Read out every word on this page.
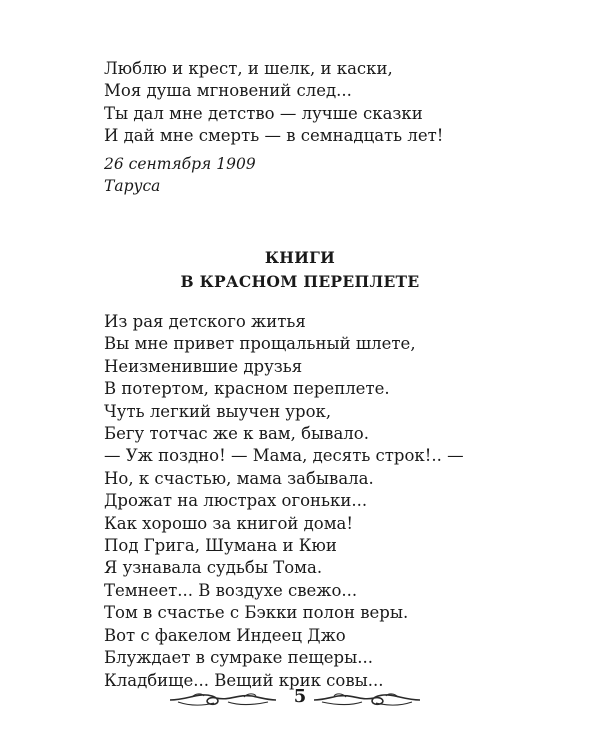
Люблю и крест, и шелк, и каски,
Моя душа мгновений след...
Ты дал мне детство — лучше сказки
И дай мне смерть — в семнадцать лет!
26 сентября 1909
Таруса
КНИГИ
В КРАСНОМ ПЕРЕПЛЕТЕ
Из рая детского житья
Вы мне привет прощальный шлете,
Неизменившие друзья
В потертом, красном переплете.
Чуть легкий выучен урок,
Бегу тотчас же к вам, бывало.
— Уж поздно! — Мама, десять строк!.. —
Но, к счастью, мама забывала.
Дрожат на люстрах огоньки...
Как хорошо за книгой дома!
Под Грига, Шумана и Кюи
Я узнавала судьбы Тома.
Темнеет... В воздухе свежо...
Том в счастье с Бэкки полон веры.
Вот с факелом Индеец Джо
Блуждает в сумраке пещеры...
Кладбище... Вещий крик совы...
5
